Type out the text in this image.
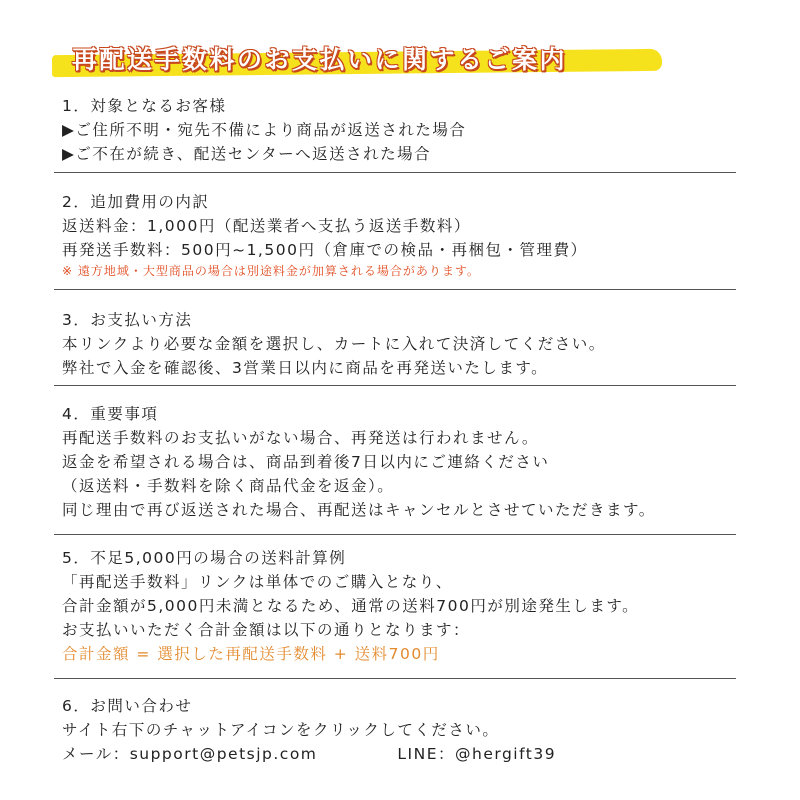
再配送手数料のお支払いに関するご案内
1．対象となるお客様
▶ご住所不明・宛先不備により商品が返送された場合
▶ご不在が続き、配送センターへ返送された場合
2．追加費用の内訳
返送料金：1,000円（配送業者へ支払う返送手数料）
再発送手数料：500円~1,500円（倉庫での検品・再梱包・管理費）
※ 遠方地域・大型商品の場合は別途料金が加算される場合があります。
3．お支払い方法
本リンクより必要な金額を選択し、カートに入れて決済してください。
弊社で入金を確認後、3営業日以内に商品を再発送いたします。
4．重要事項
再配送手数料のお支払いがない場合、再発送は行われません。
返金を希望される場合は、商品到着後7日以内にご連絡ください
（返送料・手数料を除く商品代金を返金）。
同じ理由で再び返送された場合、再配送はキャンセルとさせていただきます。
5．不足5,000円の場合の送料計算例
「再配送手数料」リンクは単体でのご購入となり、
合計金額が5,000円未満となるため、通常の送料700円が別途発生します。
お支払いいただく合計金額は以下の通りとなります：
合計金額 = 選択した再配送手数料 + 送料700円
6．お問い合わせ
サイト右下のチャットアイコンをクリックしてください。
メール：support@petsjp.com	LINE：@hergift39
